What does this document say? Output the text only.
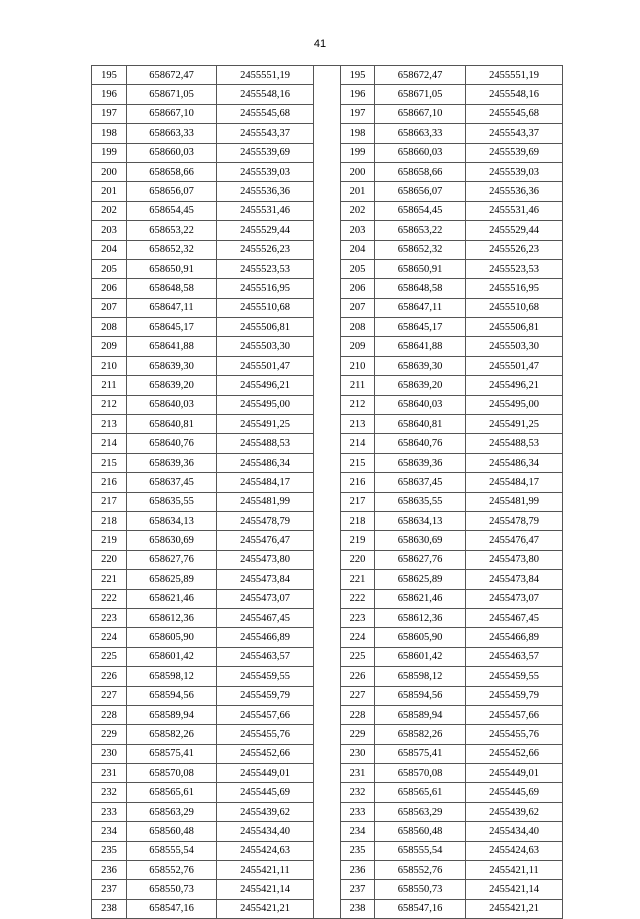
41
195	658672,47	2455551,19		195	658672,47	2455551,19
196	658671,05	2455548,16		196	658671,05	2455548,16
197	658667,10	2455545,68		197	658667,10	2455545,68
198	658663,33	2455543,37		198	658663,33	2455543,37
199	658660,03	2455539,69		199	658660,03	2455539,69
200	658658,66	2455539,03		200	658658,66	2455539,03
201	658656,07	2455536,36		201	658656,07	2455536,36
202	658654,45	2455531,46		202	658654,45	2455531,46
203	658653,22	2455529,44		203	658653,22	2455529,44
204	658652,32	2455526,23		204	658652,32	2455526,23
205	658650,91	2455523,53		205	658650,91	2455523,53
206	658648,58	2455516,95		206	658648,58	2455516,95
207	658647,11	2455510,68		207	658647,11	2455510,68
208	658645,17	2455506,81		208	658645,17	2455506,81
209	658641,88	2455503,30		209	658641,88	2455503,30
210	658639,30	2455501,47		210	658639,30	2455501,47
211	658639,20	2455496,21		211	658639,20	2455496,21
212	658640,03	2455495,00		212	658640,03	2455495,00
213	658640,81	2455491,25		213	658640,81	2455491,25
214	658640,76	2455488,53		214	658640,76	2455488,53
215	658639,36	2455486,34		215	658639,36	2455486,34
216	658637,45	2455484,17		216	658637,45	2455484,17
217	658635,55	2455481,99		217	658635,55	2455481,99
218	658634,13	2455478,79		218	658634,13	2455478,79
219	658630,69	2455476,47		219	658630,69	2455476,47
220	658627,76	2455473,80		220	658627,76	2455473,80
221	658625,89	2455473,84		221	658625,89	2455473,84
222	658621,46	2455473,07		222	658621,46	2455473,07
223	658612,36	2455467,45		223	658612,36	2455467,45
224	658605,90	2455466,89		224	658605,90	2455466,89
225	658601,42	2455463,57		225	658601,42	2455463,57
226	658598,12	2455459,55		226	658598,12	2455459,55
227	658594,56	2455459,79		227	658594,56	2455459,79
228	658589,94	2455457,66		228	658589,94	2455457,66
229	658582,26	2455455,76		229	658582,26	2455455,76
230	658575,41	2455452,66		230	658575,41	2455452,66
231	658570,08	2455449,01		231	658570,08	2455449,01
232	658565,61	2455445,69		232	658565,61	2455445,69
233	658563,29	2455439,62		233	658563,29	2455439,62
234	658560,48	2455434,40		234	658560,48	2455434,40
235	658555,54	2455424,63		235	658555,54	2455424,63
236	658552,76	2455421,11		236	658552,76	2455421,11
237	658550,73	2455421,14		237	658550,73	2455421,14
238	658547,16	2455421,21		238	658547,16	2455421,21
